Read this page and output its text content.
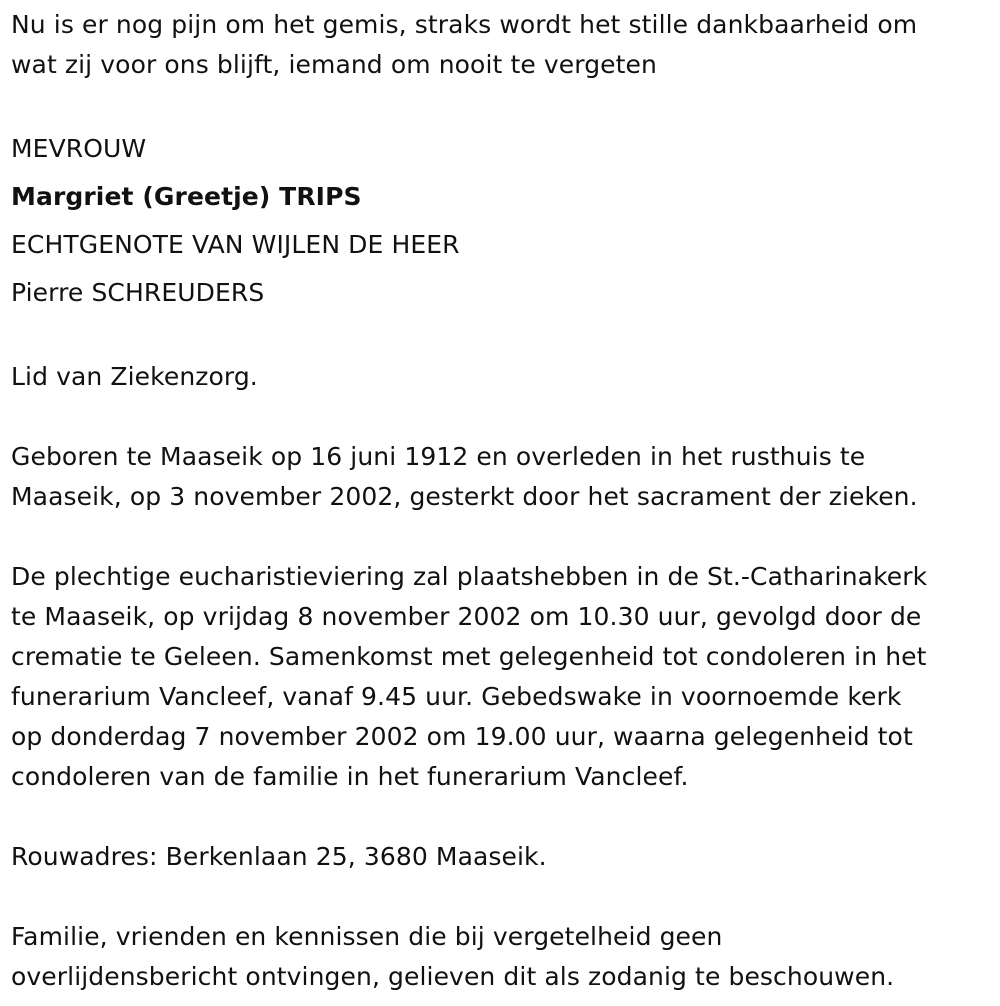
Nu is er nog pijn om het gemis, straks wordt het stille dankbaarheid om
wat zij voor ons blijft, iemand om nooit te vergeten

MEVROUW
Margriet (Greetje) TRIPS
ECHTGENOTE VAN WIJLEN DE HEER
Pierre SCHREUDERS

Lid van Ziekenzorg.

Geboren te Maaseik op 16 juni 1912 en overleden in het rusthuis te
Maaseik, op 3 november 2002, gesterkt door het sacrament der zieken.

De plechtige eucharistieviering zal plaatshebben in de St.-Catharinakerk
te Maaseik, op vrijdag 8 november 2002 om 10.30 uur, gevolgd door de
crematie te Geleen. Samenkomst met gelegenheid tot condoleren in het
funerarium Vancleef, vanaf 9.45 uur. Gebedswake in voornoemde kerk
op donderdag 7 november 2002 om 19.00 uur, waarna gelegenheid tot
condoleren van de familie in het funerarium Vancleef.

Rouwadres: Berkenlaan 25, 3680 Maaseik.

Familie, vrienden en kennissen die bij vergetelheid geen
overlijdensbericht ontvingen, gelieven dit als zodanig te beschouwen.
